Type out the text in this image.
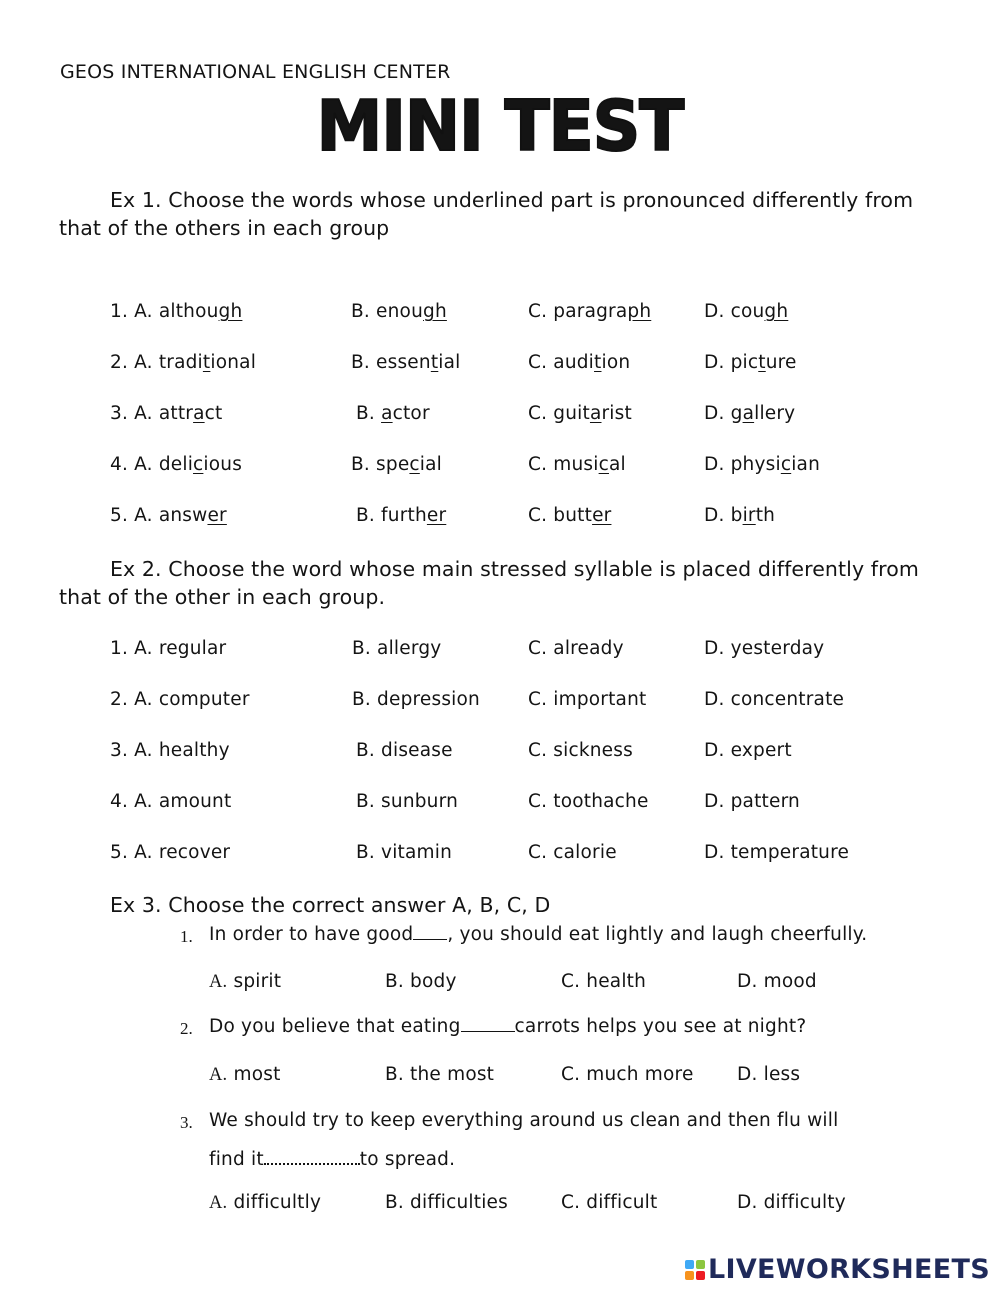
GEOS INTERNATIONAL ENGLISH CENTER
MINI TEST
Ex 1. Choose the words whose underlined part is pronounced differently from that of the others in each group
1. A. although	B. enough	C. paragraph	D. cough
2. A. traditional	B. essential	C. audition	D. picture
3. A. attract	B. actor	C. guitarist	D. gallery
4. A. delicious	B. special	C. musical	D. physician
5. A. answer	B. further	C. butter	D. birth
Ex 2. Choose the word whose main stressed syllable is placed differently from that of the other in each group.
1. A. regular	B. allergy	C. already	D. yesterday
2. A. computer	B. depression	C. important	D. concentrate
3. A. healthy	B. disease	C. sickness	D. expert
4. A. amount	B. sunburn	C. toothache	D. pattern
5. A. recover	B. vitamin	C. calorie	D. temperature
Ex 3. Choose the correct answer A, B, C, D
1. In order to have good , you should eat lightly and laugh cheerfully.
A. spirit	B. body	C. health	D. mood
2. Do you believe that eating	carrots helps you see at night?
A. most	B. the most	C. much more D. less
3. We should try to keep everything around us clean and then flu will
find it	to spread.
A. difficultly	B. difficulties	C. difficult	D. difficulty
LIVEWORKSHEETS
